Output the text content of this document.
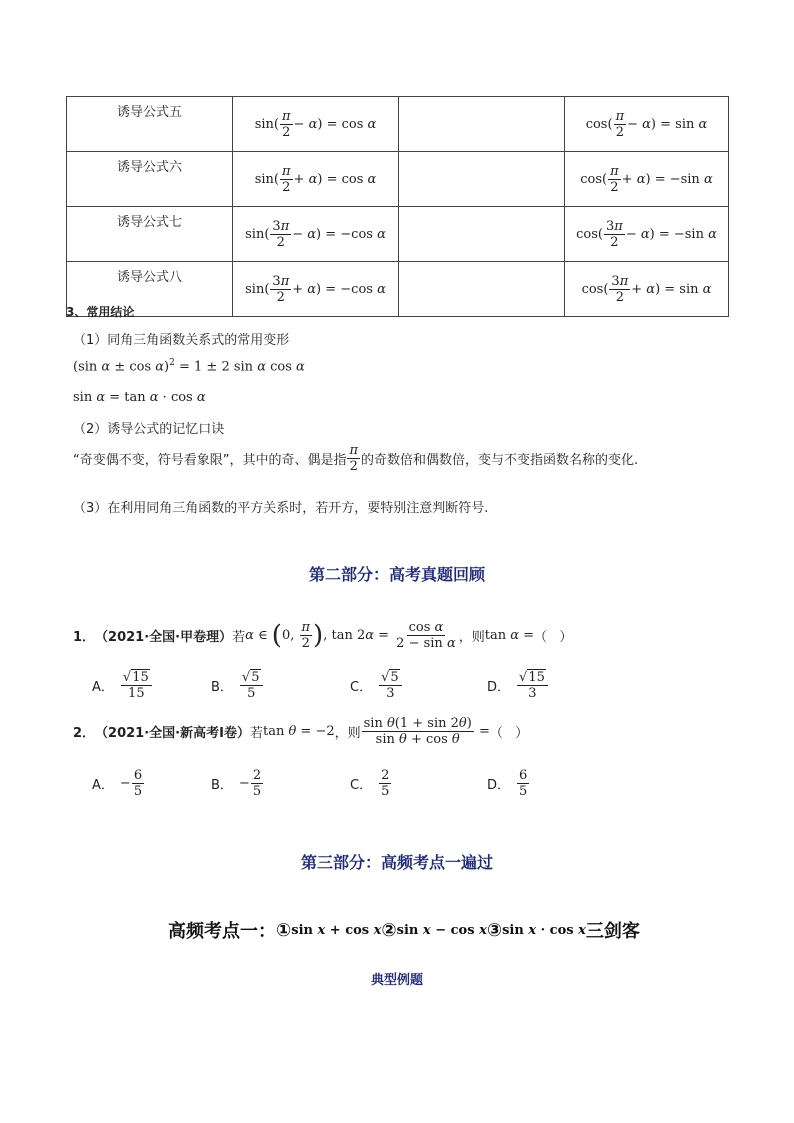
诱导公式五	$\sin( \frac{\pi}{2} - \alpha) = \cos \alpha$		$\cos( \frac{\pi}{2} - \alpha) = \sin \alpha$
诱导公式六	$\sin( \frac{\pi}{2} + \alpha) = \cos \alpha$		$\cos( \frac{\pi}{2} + \alpha) = -\sin$ α
诱导公式七	$\sin( \frac{3\pi}{2} - \alpha) = -\cos$ α		$\cos( \frac{3\pi}{2} - \alpha) = -\sin$ α
诱导公式八	$\sin( \frac{3\pi}{2} + \alpha) = -\cos$ α		$\cos( \frac{3\pi}{2} + \alpha) = \sin \alpha$
3、常用结论
（1）同角三角函数关系式的常用变形
(sin α ± cos α)$^2$ = 1 ± 2 sin α cos α
sin α = tan α · cos α
（2）诱导公式的记忆口诀
“奇变偶不变，符号看象限”，其中的奇、偶是指 $\frac{\pi}{2}$ 的奇数倍和偶数倍，变与不变指函数名称的变化.
（3）在利用同角三角函数的平方关系时，若开方，要特别注意判断符号.
第二部分：高考真题回顾
1． （2021·全国·甲卷理） 若 α ∈ (0, $\frac{\pi}{2}$ ), $\tan 2\alpha = \frac{\text{cos α}}{\text{2 − sin α}}$ ，则 tan α = （   ）
A． $\frac{√15}{15}$	B． $\frac{√5}{5}$	C． $\frac{√5}{3}$	D． $\frac{√15}{3}$
2． （2021·全国·新高考Ⅰ卷） 若 tan θ = −2 ，则 $\frac{\text{sin θ(1 + sin 2θ)}}{\text{sin θ + cos θ}}$ = （   ）
A． − $\frac{6}{5}$	B． − $\frac{2}{5}$	C． $\frac{2}{5}$	D． $\frac{6}{5}$
第三部分：高频考点一遍过
高频考点一： ① sin x + cos x ② sin x − cos x ③ sin x · cos x 三剑客
典型例题
